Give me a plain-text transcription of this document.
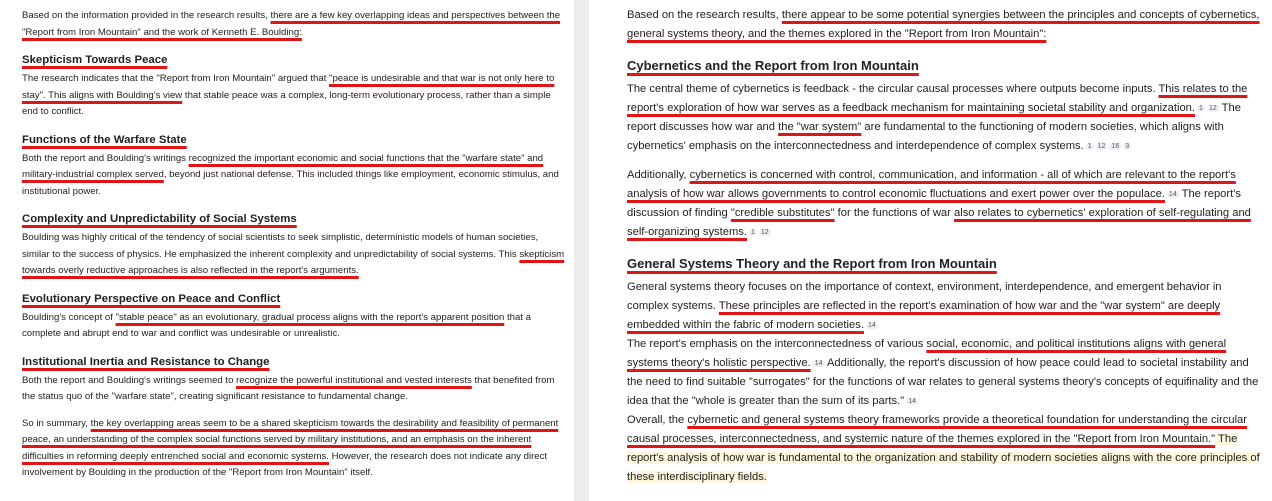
Based on the information provided in the research results, there are a few key overlapping ideas and perspectives between the "Report from Iron Mountain" and the work of Kenneth E. Boulding:

Skepticism Towards Peace

The research indicates that the "Report from Iron Mountain" argued that "peace is undesirable and that war is not only here to stay". This aligns with Boulding's view that stable peace was a complex, long-term evolutionary process, rather than a simple end to conflict.

Functions of the Warfare State

Both the report and Boulding's writings recognized the important economic and social functions that the "warfare state" and military-industrial complex served, beyond just national defense. This included things like employment, economic stimulus, and institutional power.

Complexity and Unpredictability of Social Systems

Boulding was highly critical of the tendency of social scientists to seek simplistic, deterministic models of human societies, similar to the success of physics. He emphasized the inherent complexity and unpredictability of social systems. This skepticism towards overly reductive approaches is also reflected in the report's arguments.

Evolutionary Perspective on Peace and Conflict

Boulding's concept of "stable peace" as an evolutionary, gradual process aligns with the report's apparent position that a complete and abrupt end to war and conflict was undesirable or unrealistic.

Institutional Inertia and Resistance to Change

Both the report and Boulding's writings seemed to recognize the powerful institutional and vested interests that benefited from the status quo of the "warfare state", creating significant resistance to fundamental change.

So in summary, the key overlapping areas seem to be a shared skepticism towards the desirability and feasibility of permanent peace, an understanding of the complex social functions served by military institutions, and an emphasis on the inherent difficulties in reforming deeply entrenched social and economic systems. However, the research does not indicate any direct involvement by Boulding in the production of the "Report from Iron Mountain" itself.

Based on the research results, there appear to be some potential synergies between the principles and concepts of cybernetics, general systems theory, and the themes explored in the "Report from Iron Mountain":

Cybernetics and the Report from Iron Mountain

The central theme of cybernetics is feedback - the circular causal processes where outputs become inputs. This relates to the report's exploration of how war serves as a feedback mechanism for maintaining societal stability and organization. $^1$ $^{12}$ The report discusses how war and the "war system" are fundamental to the functioning of modern societies, which aligns with cybernetics' emphasis on the interconnectedness and interdependence of complex systems. $^1$ $^{12}$ $^{16}$ $^3$

Additionally, cybernetics is concerned with control, communication, and information - all of which are relevant to the report's analysis of how war allows governments to control economic fluctuations and exert power over the populace. $^{14}$ The report's discussion of finding "credible substitutes" for the functions of war also relates to cybernetics' exploration of self-regulating and self-organizing systems. $^1$ $^{12}$

General Systems Theory and the Report from Iron Mountain

General systems theory focuses on the importance of context, environment, interdependence, and emergent behavior in complex systems. These principles are reflected in the report's examination of how war and the "war system" are deeply embedded within the fabric of modern societies. $^{14}$

The report's emphasis on the interconnectedness of various social, economic, and political institutions aligns with general systems theory's holistic perspective. $^{14}$ Additionally, the report's discussion of how peace could lead to societal instability and the need to find suitable "surrogates" for the functions of war relates to general systems theory's concepts of equifinality and the idea that the "whole is greater than the sum of its parts." $^{14}$

Overall, the cybernetic and general systems theory frameworks provide a theoretical foundation for understanding the circular causal processes, interconnectedness, and systemic nature of the themes explored in the "Report from Iron Mountain." The report's analysis of how war is fundamental to the organization and stability of modern societies aligns with the core principles of these interdisciplinary fields.
